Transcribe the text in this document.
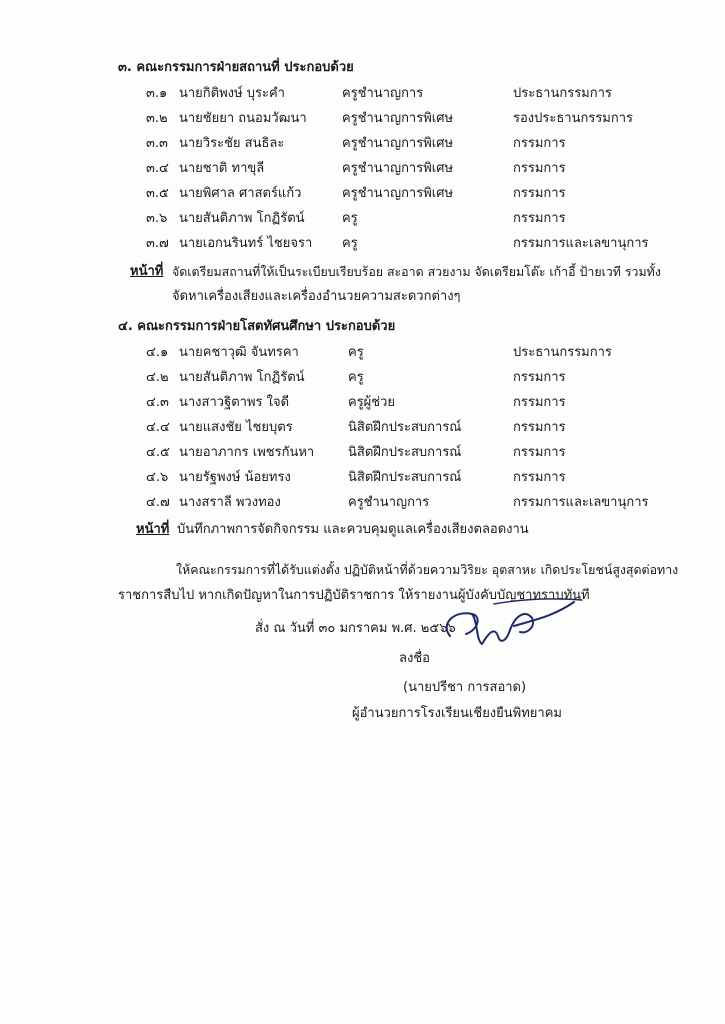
๓. คณะกรรมการฝ่ายสถานที่ ประกอบด้วย
๓.๑ นายกิติพงษ์ บุระคำ	ครูชำนาญการ	ประธานกรรมการ
๓.๒ นายชัยยา ถนอมวัฒนา	ครูชำนาญการพิเศษ	รองประธานกรรมการ
๓.๓ นายวิระชัย สนธิละ	ครูชำนาญการพิเศษ	กรรมการ
๓.๔ นายชาติ ทาขุลี	ครูชำนาญการพิเศษ	กรรมการ
๓.๕ นายพิศาล ศาสตร์แก้ว	ครูชำนาญการพิเศษ	กรรมการ
๓.๖ นายสันติภาพ โกฏิรัตน์	ครู	กรรมการ
๓.๗ นายเอกนรินทร์ ไชยจรา ครู	กรรมการและเลขานุการ
หน้าที่ จัดเตรียมสถานที่ให้เป็นระเบียบเรียบร้อย สะอาด สวยงาม จัดเตรียมโต๊ะ เก้าอี้ ป้ายเวที รวมทั้ง
จัดหาเครื่องเสียงและเครื่องอำนวยความสะดวกต่างๆ
๔. คณะกรรมการฝ่ายโสตทัศนศึกษา ประกอบด้วย
๔.๑ นายคชาวุฒิ จันทรคา	ครู	ประธานกรรมการ
๔.๒ นายสันติภาพ โกฏิรัตน์	ครู	กรรมการ
๔.๓ นางสาวฐิตาพร ใจดี	ครูผู้ช่วย	กรรมการ
๔.๔ นายแสงชัย ไชยบุตร	นิสิตฝึกประสบการณ์	กรรมการ
๔.๕ นายอาภากร เพชรกันหา	นิสิตฝึกประสบการณ์	กรรมการ
๔.๖ นายรัฐพงษ์ น้อยทรง	นิสิตฝึกประสบการณ์	กรรมการ
๔.๗ นางสราลี พวงทอง	ครูชำนาญการ	กรรมการและเลขานุการ
หน้าที่ บันทึกภาพการจัดกิจกรรม และควบคุมดูแลเครื่องเสียงตลอดงาน
ให้คณะกรรมการที่ได้รับแต่งตั้ง ปฏิบัติหน้าที่ด้วยความวิริยะ อุตสาหะ เกิดประโยชน์สูงสุดต่อทาง
ราชการสืบไป หากเกิดปัญหาในการปฏิบัติราชการ ให้รายงานผู้บังคับบัญชาทราบทันที
สั่ง ณ วันที่ ๓๐ มกราคม พ.ศ. ๒๕๖๖
ลงชื่อ
(นายปรีชา การสอาด)
ผู้อำนวยการโรงเรียนเชียงยืนพิทยาคม
